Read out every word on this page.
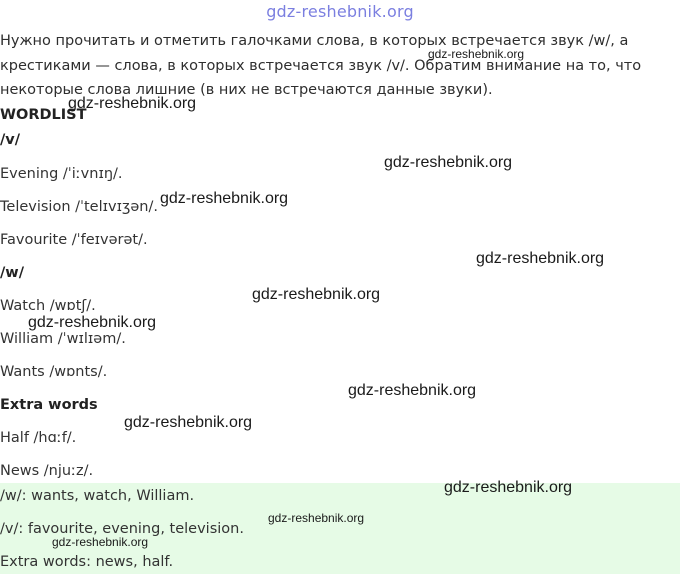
gdz-reshebnik.org

Нужно прочитать и отметить галочками слова, в которых встречается звук /w/, а крестиками — слова, в которых встречается звук /v/. Обратим внимание на то, что некоторые слова лишние (в них не встречаются данные звуки).

WORDLIST

/v/

Evening /ˈiːvnɪŋ/.

Television /ˈtelɪvɪʒən/.

Favourite /ˈfeɪvərət/.

/w/

Watch /wɒtʃ/.

William /ˈwɪlɪəm/.

Wants /wɒnts/.

Extra words

Half /hɑːf/.

News /njuːz/.

/w/: wants, watch, William.

/v/: favourite, evening, television.

Extra words: news, half.

gdz-reshebnik.org
gdz-reshebnik.org
gdz-reshebnik.org
gdz-reshebnik.org
gdz-reshebnik.org
gdz-reshebnik.org
gdz-reshebnik.org
gdz-reshebnik.org
gdz-reshebnik.org
gdz-reshebnik.org
gdz-reshebnik.org
gdz-reshebnik.org
